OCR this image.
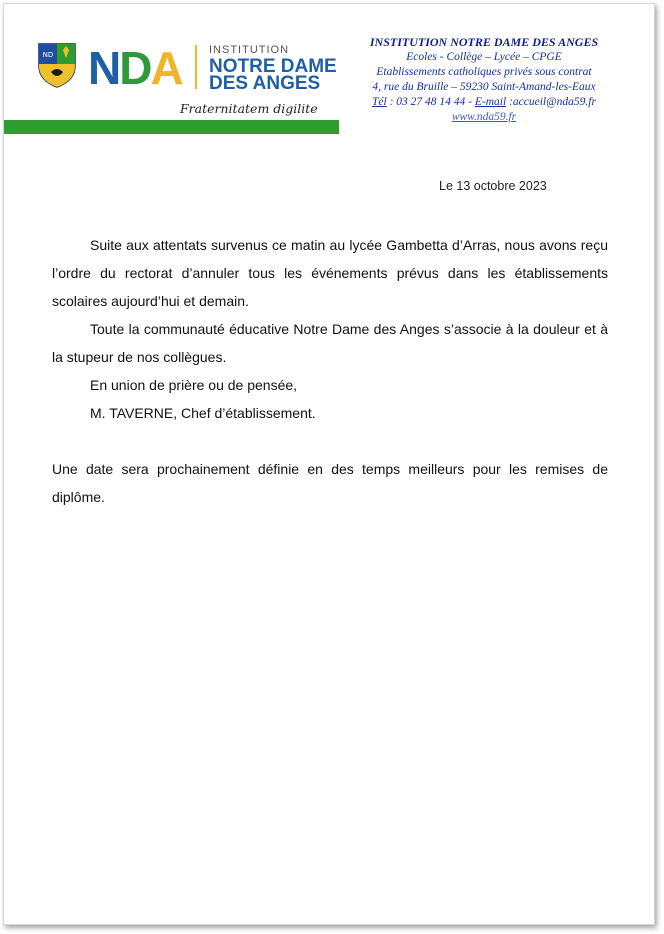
ND NDA INSTITUTION
NOTRE DAME
DES ANGES
Fraternitatem digilite
INSTITUTION NOTRE DAME DES ANGES
Ecoles - Collège – Lycée – CPGE
Etablissements catholiques privés sous contrat
4, rue du Bruille – 59230 Saint-Amand-les-Eaux
Tél : 03 27 48 14 44 - E-mail :accueil@nda59.fr
www.nda59.fr
Le 13 octobre 2023

Suite aux attentats survenus ce matin au lycée Gambetta d’Arras, nous avons reçu l’ordre du rectorat d’annuler tous les événements prévus dans les établissements scolaires aujourd’hui et demain.

Toute la communauté éducative Notre Dame des Anges s’associe à la douleur et à la stupeur de nos collègues.

En union de prière ou de pensée,

M. TAVERNE, Chef d’établissement.

Une date sera prochainement définie en des temps meilleurs pour les remises de diplôme.
